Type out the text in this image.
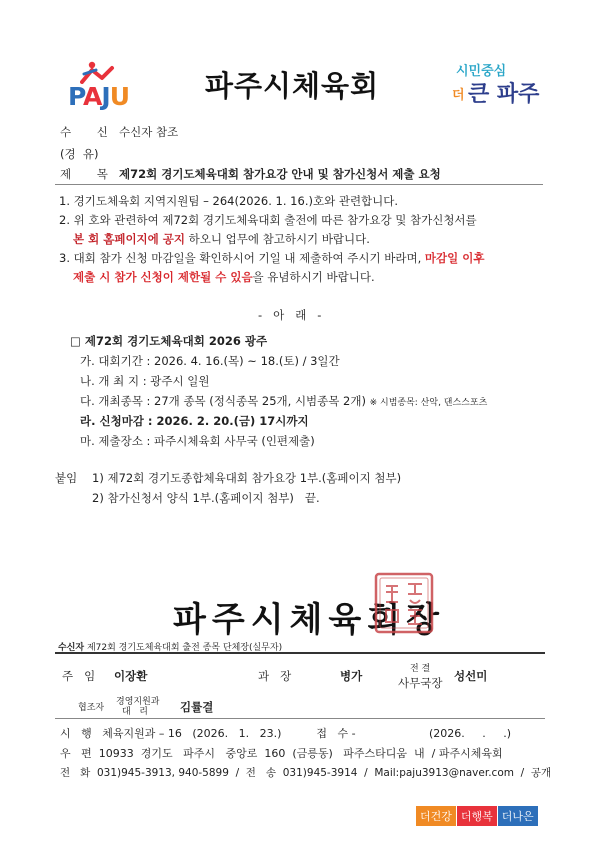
PAJU	파주시체육회	시민중심
더 큰 파주
수       신 수신자 참조
(경  유)
제       목 제72회 경기도체육대회 참가요강 안내 및 참가신청서 제출 요청
1. 경기도체육회 지역지원팀 – 264(2026. 1. 16.)호와 관련합니다.
2. 위 호와 관련하여 제72회 경기도체육대회 출전에 따른 참가요강 및 참가신청서를
본 회 홈페이지에 공지 하오니 업무에 참고하시기 바랍니다.
3. 대회 참가 신청 마감일을 확인하시어 기일 내 제출하여 주시기 바라며, 마감일 이후
제출 시 참가 신청이 제한될 수 있음을 유념하시기 바랍니다.
-   아   래   -
□ 제72회 경기도체육대회 2026 광주
가. 대회기간 : 2026. 4. 16.(목) ~ 18.(토) / 3일간
나. 개 최 지 : 광주시 일원
다. 개최종목 : 27개 종목 (정식종목 25개, 시범종목 2개) ※ 시범종목: 산악, 댄스스포츠
라. 신청마감 : 2026. 2. 20.(금) 17시까지
마. 제출장소 : 파주시체육회 사무국 (인편제출)
붙임 1) 제72회 경기도종합체육대회 참가요강 1부.(홈페이지 첨부)
2) 참가신청서 양식 1부.(홈페이지 첨부)   끝.
파주시체육회장
수신자 제72회 경기도체육대회 출전 종목 단체장(실무자)
주   임 이장환	과   장	병가	전 결
사무국장 성선미
협조자
경영지원과
대   리	김률결
시   행   체육지원과 – 16   (2026.   1.   23.)          접   수 -                     (2026.     .     .)
우   편  10933  경기도   파주시   중앙로  160  (금릉동)   파주스타디움  내  / 파주시체육회
전   화  031)945-3913, 940-5899  /  전   송  031)945-3914  /  Mail:paju3913@naver.com  /  공개
더건강 더행복 더나은
